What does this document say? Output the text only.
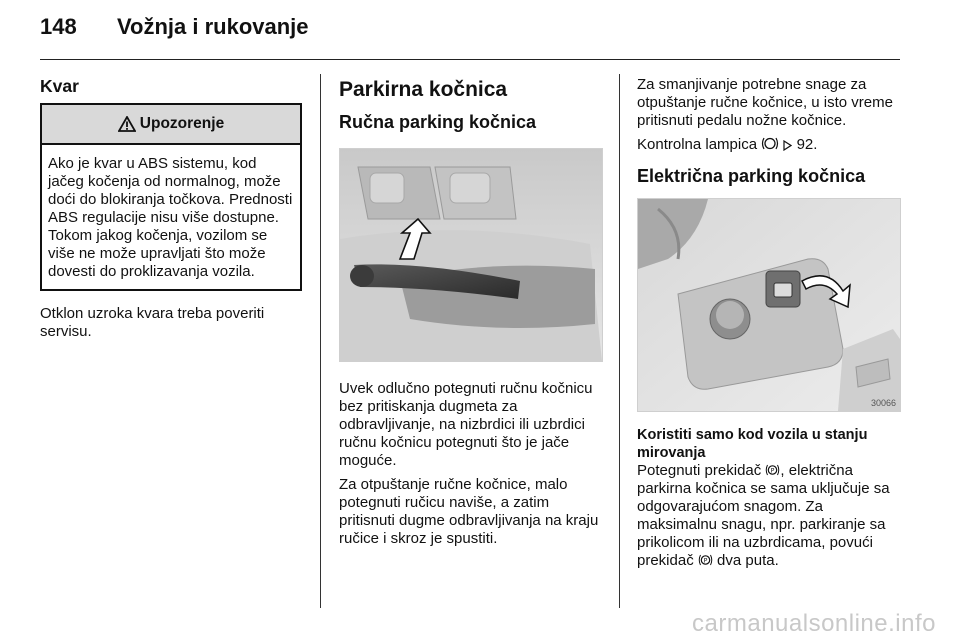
148 Vožnja i rukovanje
Kvar
Upozorenje

Ako je kvar u ABS sistemu, kod jačeg kočenja od normalnog, može doći do blokiranja točkova. Prednosti ABS regulacije nisu više dostupne. Tokom jakog kočenja, vozilom se više ne može upravljati što može dovesti do proklizavanja vozila.

Otklon uzroka kvara treba poveriti servisu.

Parkirna kočnica
Ručna parking kočnica

Uvek odlučno potegnuti ručnu kočnicu bez pritiskanja dugmeta za odbravljivanje, na nizbrdici ili uzbrdici ručnu kočnicu potegnuti što je jače moguće.

Za otpuštanje ručne kočnice, malo potegnuti ručicu naviše, a zatim pritisnuti dugme odbravljivanja na kraju ručice i skroz je spustiti.

Za smanjivanje potrebne snage za otpuštanje ručne kočnice, u isto vreme pritisnuti pedalu nožne kočnice.

Kontrolna lampica	92.

Električna parking kočnica
30066
Koristiti samo kod vozila u stanju mirovanja

Potegnuti prekidač P , električna parkirna kočnica se sama uključuje sa odgovarajućom snagom. Za maksimalnu snagu, npr. parkiranje sa prikolicom ili na uzbrdicama, povući prekidač P dva puta.

carmanualsonline.info
